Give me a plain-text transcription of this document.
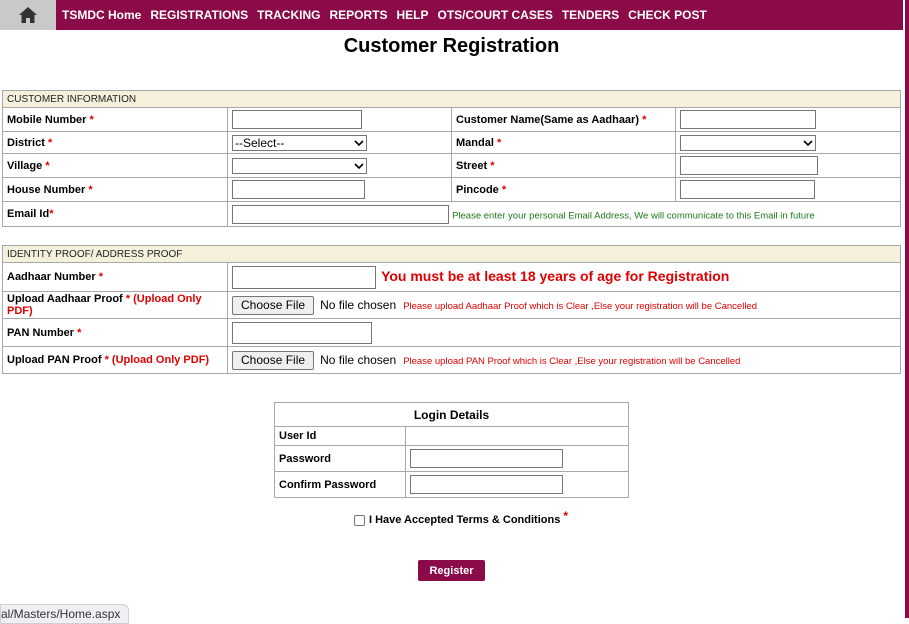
TSMDC Home REGISTRATIONS TRACKING REPORTS HELP OTS/COURT CASES TENDERS CHECK POST
Customer Registration
CUSTOMER INFORMATION			
Mobile Number *		Customer Name(Same as Aadhaar) *	
District *	--Select--	Mandal *	

Village *		Street *	
House Number *		Pincode *	
Email Id*	Please enter your personal Email Address, We will communicate to this Email in future		
IDENTITY PROOF/ ADDRESS PROOF	
Aadhaar Number *	You must be at least 18 years of age for Registration
Upload Aadhaar Proof * (Upload Only PDF)	Choose File No file chosen Please upload Aadhaar Proof which is Clear ,Else your registration will be Cancelled
PAN Number *	
Upload PAN Proof * (Upload Only PDF)	Choose File No file chosen Please upload PAN Proof which is Clear ,Else your registration will be Cancelled
Login Details	
User Id	
Password	
Confirm Password	
I Have Accepted Terms & Conditions *
Register
al/Masters/Home.aspx
